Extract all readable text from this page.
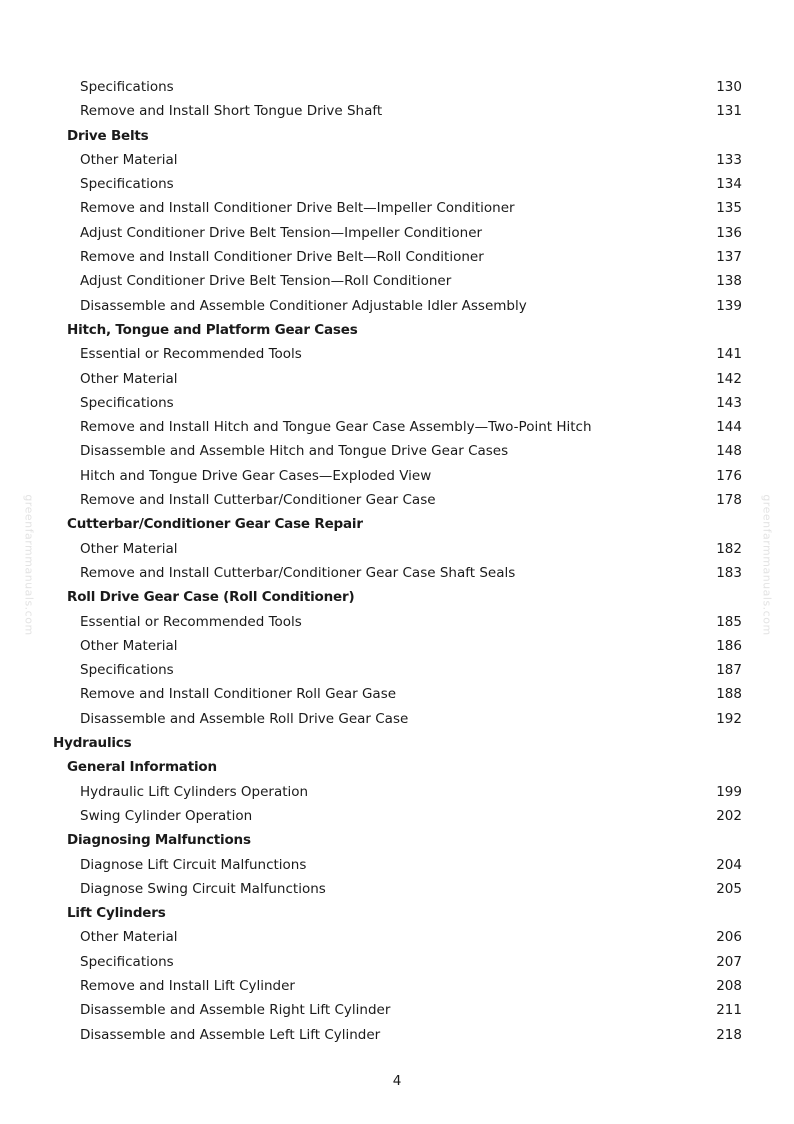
greenfarmmanuals.com	greenfarmmanuals.com
Specifications	130
Remove and Install Short Tongue Drive Shaft	131
Drive Belts
Other Material	133
Specifications	134
Remove and Install Conditioner Drive Belt—Impeller Conditioner	135
Adjust Conditioner Drive Belt Tension—Impeller Conditioner	136
Remove and Install Conditioner Drive Belt—Roll Conditioner	137
Adjust Conditioner Drive Belt Tension—Roll Conditioner	138
Disassemble and Assemble Conditioner Adjustable Idler Assembly	139
Hitch, Tongue and Platform Gear Cases
Essential or Recommended Tools	141
Other Material	142
Specifications	143
Remove and Install Hitch and Tongue Gear Case Assembly—Two-Point Hitch	144
Disassemble and Assemble Hitch and Tongue Drive Gear Cases	148
Hitch and Tongue Drive Gear Cases—Exploded View	176
Remove and Install Cutterbar/Conditioner Gear Case	178
Cutterbar/Conditioner Gear Case Repair
Other Material	182
Remove and Install Cutterbar/Conditioner Gear Case Shaft Seals	183
Roll Drive Gear Case (Roll Conditioner)
Essential or Recommended Tools	185
Other Material	186
Specifications	187
Remove and Install Conditioner Roll Gear Gase	188
Disassemble and Assemble Roll Drive Gear Case	192
Hydraulics
General Information
Hydraulic Lift Cylinders Operation	199
Swing Cylinder Operation	202
Diagnosing Malfunctions
Diagnose Lift Circuit Malfunctions	204
Diagnose Swing Circuit Malfunctions	205
Lift Cylinders
Other Material	206
Specifications	207
Remove and Install Lift Cylinder	208
Disassemble and Assemble Right Lift Cylinder	211
Disassemble and Assemble Left Lift Cylinder	218
4
